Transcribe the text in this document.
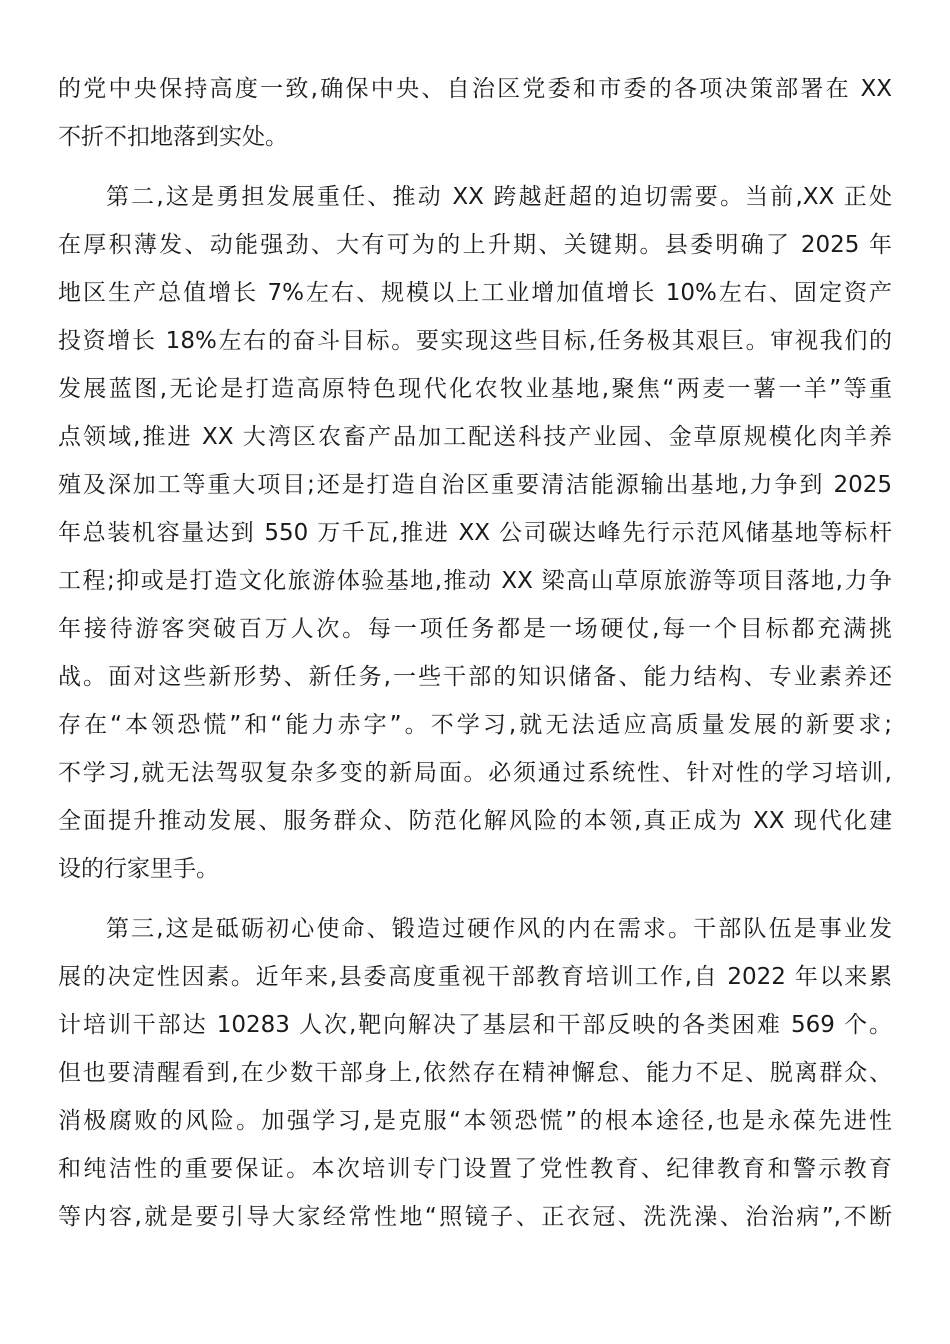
的党中央保持高度一致,确保中央、自治区党委和市委的各项决策部署在 XX
不折不扣地落到实处。
第二,这是勇担发展重任、推动 XX 跨越赶超的迫切需要。当前,XX 正处
在厚积薄发、动能强劲、大有可为的上升期、关键期。县委明确了 2025 年
地区生产总值增长 7%左右、规模以上工业增加值增长 10%左右、固定资产
投资增长 18%左右的奋斗目标。要实现这些目标,任务极其艰巨。审视我们的
发展蓝图,无论是打造高原特色现代化农牧业基地,聚焦“两麦一薯一羊”等重
点领域,推进 XX 大湾区农畜产品加工配送科技产业园、金草原规模化肉羊养
殖及深加工等重大项目;还是打造自治区重要清洁能源输出基地,力争到 2025
年总装机容量达到 550 万千瓦,推进 XX 公司碳达峰先行示范风储基地等标杆
工程;抑或是打造文化旅游体验基地,推动 XX 梁高山草原旅游等项目落地,力争
年接待游客突破百万人次。每一项任务都是一场硬仗,每一个目标都充满挑
战。面对这些新形势、新任务,一些干部的知识储备、能力结构、专业素养还
存在“本领恐慌”和“能力赤字”。不学习,就无法适应高质量发展的新要求;
不学习,就无法驾驭复杂多变的新局面。必须通过系统性、针对性的学习培训,
全面提升推动发展、服务群众、防范化解风险的本领,真正成为 XX 现代化建
设的行家里手。
第三,这是砥砺初心使命、锻造过硬作风的内在需求。干部队伍是事业发
展的决定性因素。近年来,县委高度重视干部教育培训工作,自 2022 年以来累
计培训干部达 10283 人次,靶向解决了基层和干部反映的各类困难 569 个。
但也要清醒看到,在少数干部身上,依然存在精神懈怠、能力不足、脱离群众、
消极腐败的风险。加强学习,是克服“本领恐慌”的根本途径,也是永葆先进性
和纯洁性的重要保证。本次培训专门设置了党性教育、纪律教育和警示教育
等内容,就是要引导大家经常性地“照镜子、正衣冠、洗洗澡、治治病”,不断
